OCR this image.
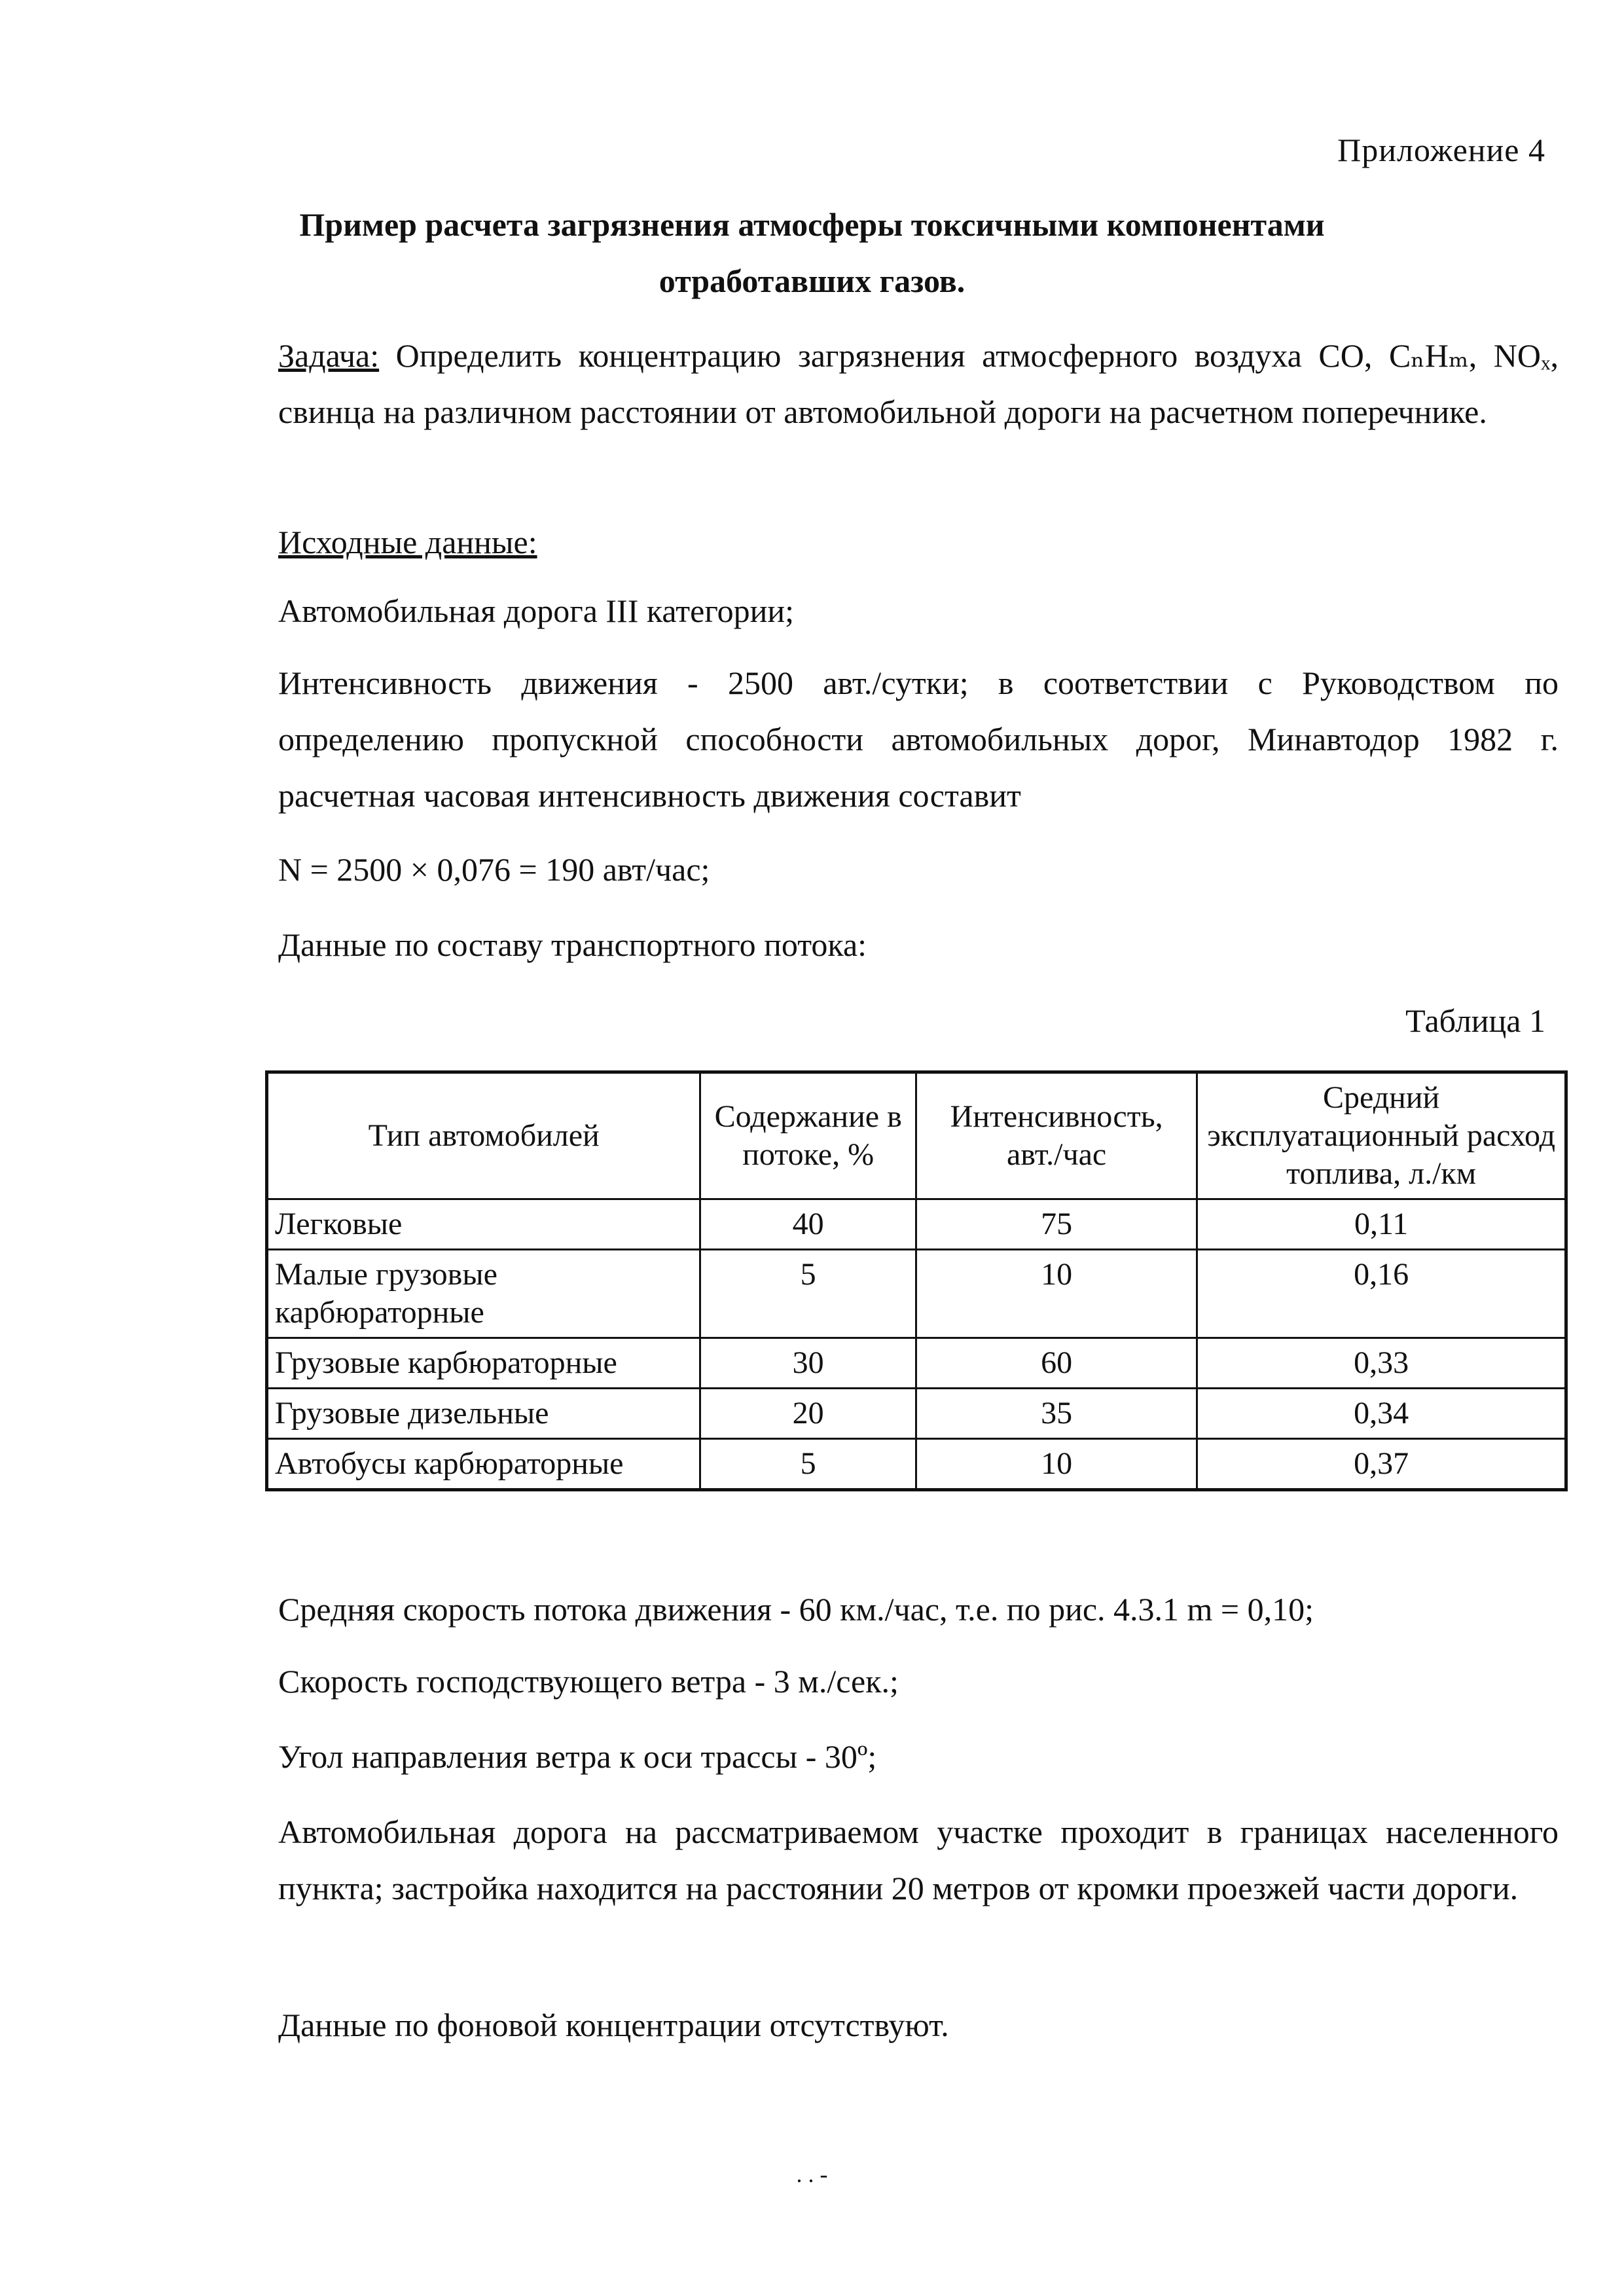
Приложение 4
Пример расчета загрязнения атмосферы токсичными компонентами
отработавших газов.
Задача: Определить концентрацию загрязнения атмосферного воздуха CO, CₙHₘ, NOₓ, свинца на различном расстоянии от автомобильной дороги на расчетном поперечнике.
Исходные данные:
Автомобильная дорога III категории;
Интенсивность движения - 2500 авт./сутки; в соответствии с Руководством по определению пропускной способности автомобильных дорог, Минавтодор 1982 г. расчетная часовая интенсивность движения составит
N = 2500 × 0,076 = 190 авт/час;
Данные по составу транспортного потока:
Таблица 1
Тип автомобилей	Содержание в потоке, %	Интенсивность, авт./час	Средний эксплуатационный расход топлива, л./км
Легковые	40	75	0,11
Малые грузовые карбюраторные	5	10	0,16
Грузовые карбюраторные	30	60	0,33
Грузовые дизельные	20	35	0,34
Автобусы карбюраторные	5	10	0,37
Средняя скорость потока движения - 60 км./час, т.е. по рис. 4.3.1 m = 0,10;
Скорость господствующего ветра - 3 м./сек.;
Угол направления ветра к оси трассы - 30º;
Автомобильная дорога на рассматриваемом участке проходит в границах населенного пункта; застройка находится на расстоянии 20 метров от кромки проезжей части дороги.
Данные по фоновой концентрации отсутствуют.
. . -
